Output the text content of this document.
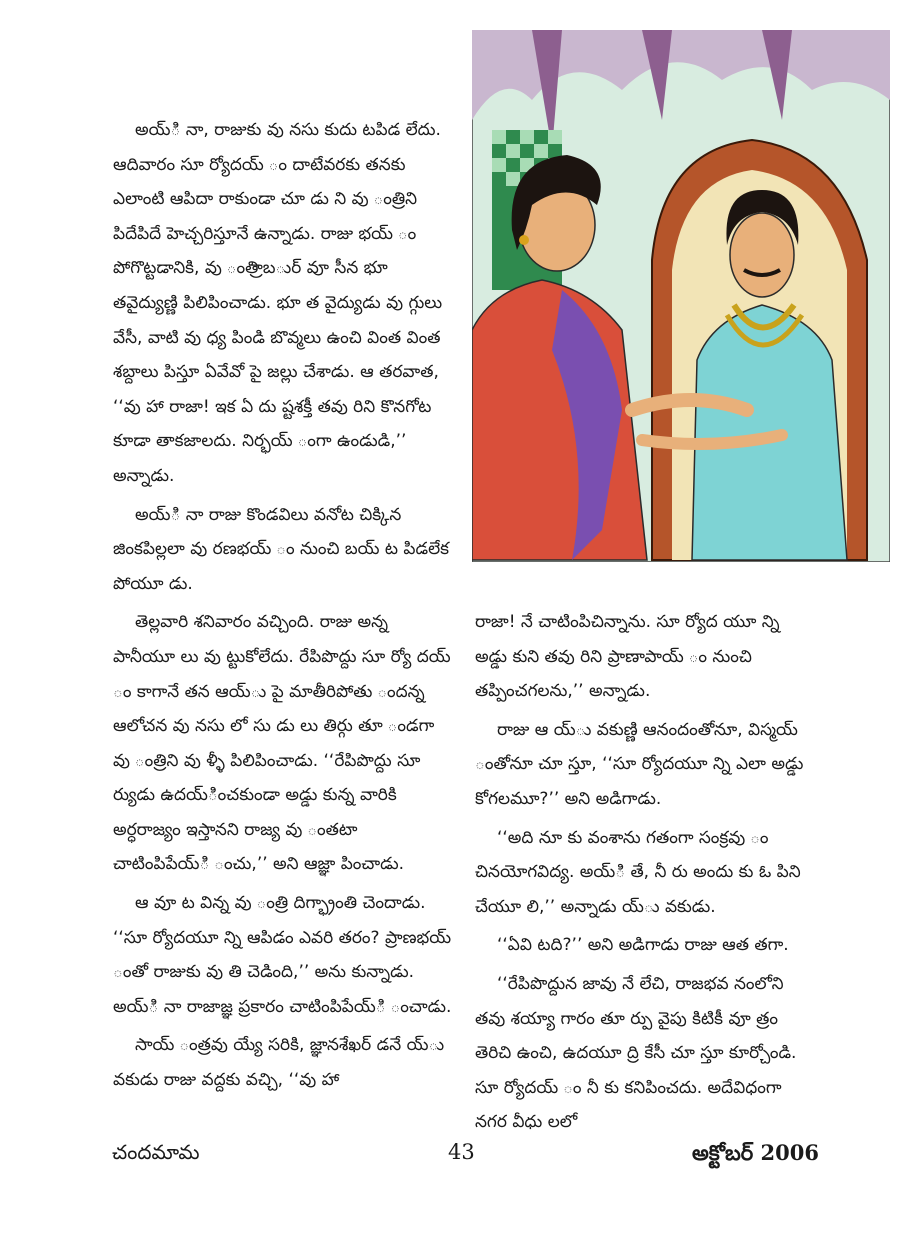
అయ్ి నా, రాజుకు వు నసు కుదు టపిడ లేదు. ఆదివారం సూ ర్యోదయ్ ం దాటేవరకు తనకు ఎలాంటి ఆపిదా రాకుండా చూ డు ని వు ంత్రిని పిదేపిదే హెచ్చరిస్తూనే ఉన్నాడు. రాజు భయ్ ం పోగొట్టడానికి, వు ంత్రిాబర్ు వూ సీన భూ తవైద్యుణ్ణి పిలిపించాడు. భూ త వైద్యుడు వు గ్గులు వేసీ, వాటి వు ధ్య పిండి బొవ్మలు ఉంచి వింత వింత శబ్దాలు పిస్తూ ఏవేవో పై జల్లు చేశాడు. ఆ తరవాత, ‘‘వు హా రాజా! ఇక ఏ దు ష్టశక్తీ తవు రిని కొనగోట కూడా తాకజాలదు. నిర్భయ్ ంగా ఉండుడి,’’ అన్నాడు.

అయ్ి నా రాజు కొండవిలు వనోట చిక్కిన జింకపిల్లలా వు రణభయ్ ం నుంచి బయ్ ట పిడలేక పోయూ డు.

తెల్లవారి శనివారం వచ్చింది. రాజు అన్న పానీయూ లు వు ట్టుకోలేదు. రేపిపొద్దు సూ ర్యో దయ్ ం కాగానే తన ఆయ్ు పై మాతీరిపోతు ందన్న ఆలోచన వు నసు లో సు డు లు తిర్గు తూ ండగా వు ంత్రిని వు ళ్ళీ పిలిపించాడు. ‘‘రేపిపొద్దు సూ ర్యుడు ఉదయ్ించకుండా అడ్డు కున్న వారికి అర్ధరాజ్యం ఇస్తానని రాజ్య వు ంతటా చాటింపిపేయ్ి ంచు,’’ అని ఆజ్ఞా పించాడు.

ఆ వూ ట విన్న వు ంత్రి దిగ్భ్రాంతి చెందాడు. ‘‘సూ ర్యోదయూ న్ని ఆపిడం ఎవరి తరం? ప్రాణభయ్ ంతో రాజుకు వు తి చెడింది,’’ అను కున్నాడు. అయ్ి నా రాజాజ్ఞ ప్రకారం చాటింపిపేయ్ి ంచాడు.

సాయ్ ంత్రవు య్యే సరికి, జ్ఞానశేఖర్ డనే య్ు వకుడు రాజు వద్దకు వచ్చి, ‘‘వు హా

రాజా! నే చాటింపిచిన్నాను. సూ ర్యోద యూ న్ని అడ్డు కుని తవు రిని ప్రాణాపాయ్ ం నుంచి తప్పించగలను,’’ అన్నాడు.

రాజు ఆ య్ు వకుణ్ణి ఆనందంతోనూ, విస్మయ్ ంతోనూ చూ స్తూ, ‘‘సూ ర్యోదయూ న్ని ఎలా అడ్డు కోగలమూ?’’ అని అడిగాడు.

‘‘అది నూ కు వంశాను గతంగా సంక్రవు ం చినయోగవిద్య. అయ్ి తే, నీ రు అందు కు ఓ పిని చేయూ లి,’’ అన్నాడు య్ు వకుడు.

‘‘ఏవి టది?’’ అని అడిగాడు రాజు ఆత తగా.

‘‘రేపిపొద్దున జావు నే లేచి, రాజభవ నంలోని తవు శయ్యా గారం తూ ర్పు వైపు కిటికీ వూ త్రం తెరిచి ఉంచి, ఉదయూ ద్రి కేసీ చూ స్తూ కూర్చోండి. సూ ర్యోదయ్ ం నీ కు కనిపించదు. అదేవిధంగా నగర వీధు లలో

చందమామ	43	అక్టోబర్ 2006
